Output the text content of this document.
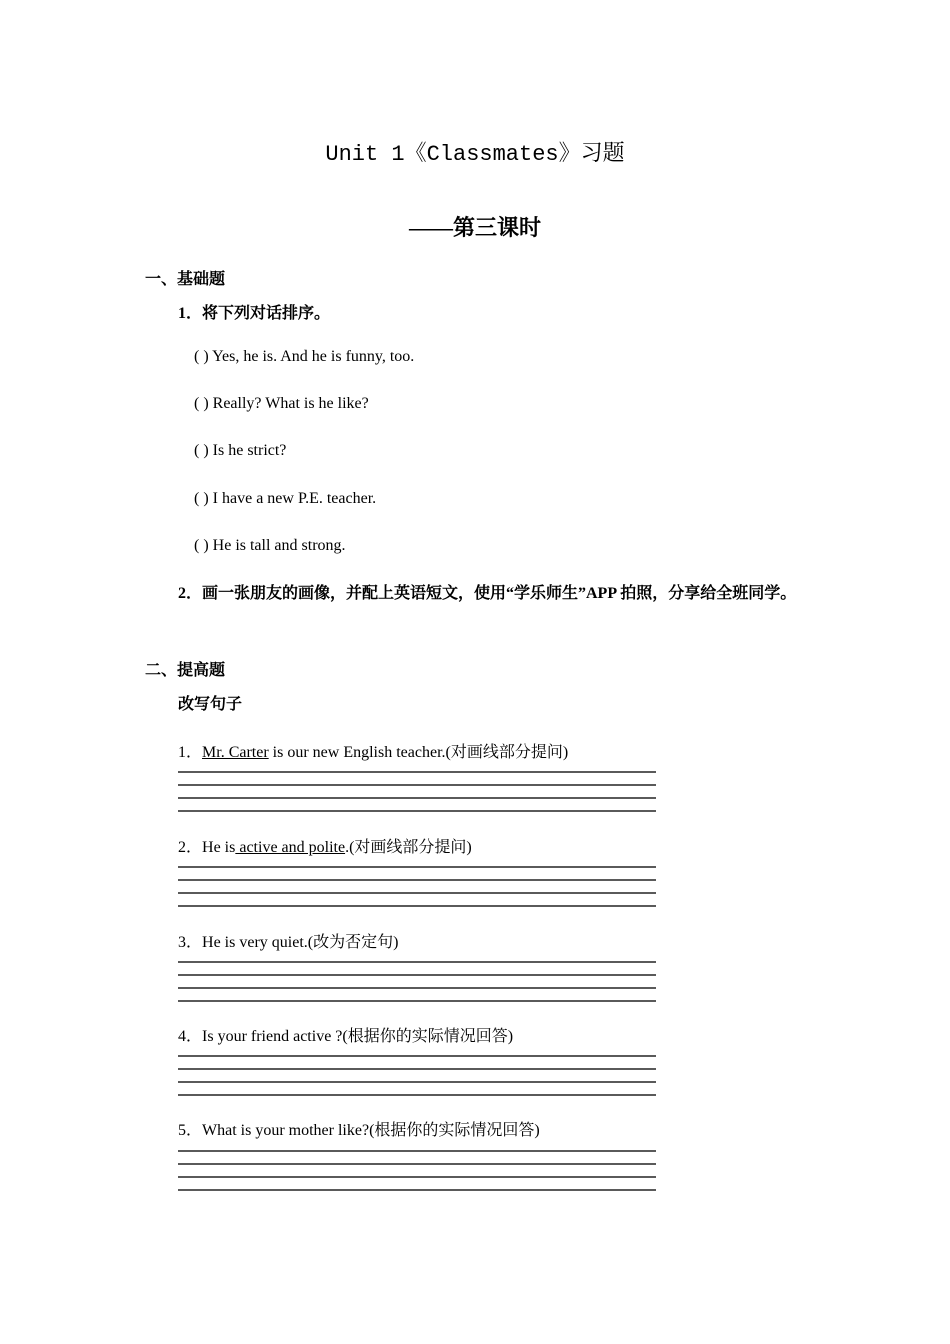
Unit 1《Classmates》习题
——第三课时
一、基础题
1．将下列对话排序。
( ) Yes, he is. And he is funny, too.
( ) Really? What is he like?
( ) Is he strict?
( ) I have a new P.E. teacher.
( ) He is tall and strong.
2．画一张朋友的画像，并配上英语短文，使用“学乐师生”APP 拍照，分享给全班同学。
二、提高题
改写句子
1．Mr. Carter is our new English teacher.(对画线部分提问)
2．He is active and polite.(对画线部分提问)
3．He is very quiet.(改为否定句)
4．Is your friend active ?(根据你的实际情况回答)
5．What is your mother like?(根据你的实际情况回答)
